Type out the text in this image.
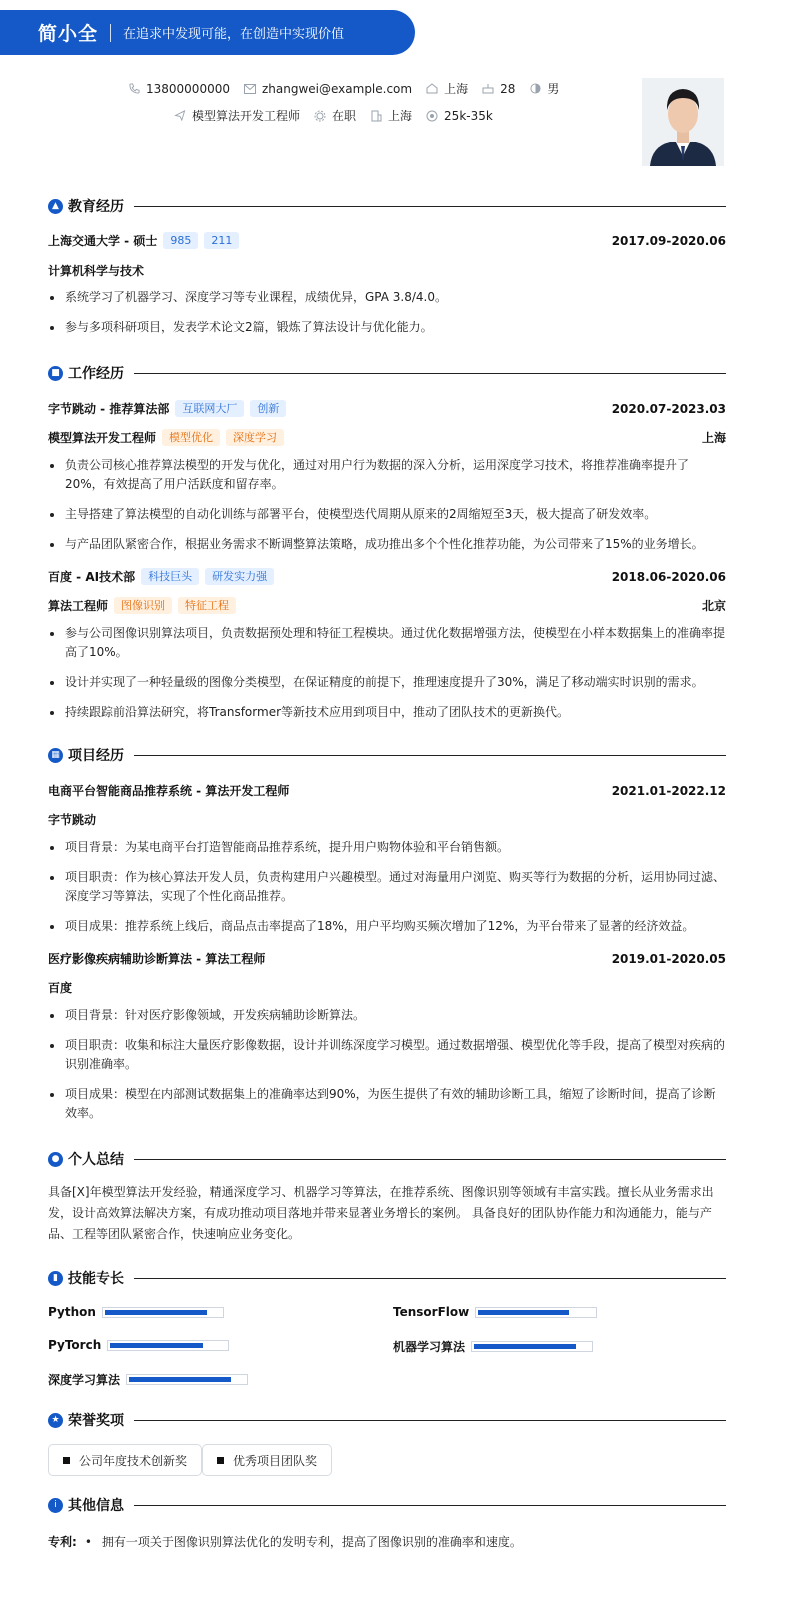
简小全 在追求中发现可能，在创造中实现价值
13800000000	zhangwei@example.com	上海	28	男
模型算法开发工程师	在职	上海	25k-35k
▲ 教育经历
上海交通大学 - 硕士	985	211	2017.09-2020.06
计算机科学与技术
系统学习了机器学习、深度学习等专业课程，成绩优异，GPA 3.8/4.0。
参与多项科研项目，发表学术论文2篇，锻炼了算法设计与优化能力。
■ 工作经历
字节跳动 - 推荐算法部	互联网大厂	创新	2020.07-2023.03
模型算法开发工程师	模型优化	深度学习	上海
负责公司核心推荐算法模型的开发与优化，通过对用户行为数据的深入分析，运用深度学习技术，将推荐准确率提升了20%，有效提高了用户活跃度和留存率。
主导搭建了算法模型的自动化训练与部署平台，使模型迭代周期从原来的2周缩短至3天，极大提高了研发效率。
与产品团队紧密合作，根据业务需求不断调整算法策略，成功推出多个个性化推荐功能，为公司带来了15%的业务增长。
百度 - AI技术部	科技巨头	研发实力强	2018.06-2020.06
算法工程师	图像识别	特征工程	北京
参与公司图像识别算法项目，负责数据预处理和特征工程模块。通过优化数据增强方法，使模型在小样本数据集上的准确率提高了10%。
设计并实现了一种轻量级的图像分类模型，在保证精度的前提下，推理速度提升了30%，满足了移动端实时识别的需求。
持续跟踪前沿算法研究，将Transformer等新技术应用到项目中，推动了团队技术的更新换代。
▦ 项目经历
电商平台智能商品推荐系统 - 算法开发工程师	2021.01-2022.12
字节跳动
项目背景：为某电商平台打造智能商品推荐系统，提升用户购物体验和平台销售额。
项目职责：作为核心算法开发人员，负责构建用户兴趣模型。通过对海量用户浏览、购买等行为数据的分析，运用协同过滤、深度学习等算法，实现了个性化商品推荐。
项目成果：推荐系统上线后，商品点击率提高了18%，用户平均购买频次增加了12%，为平台带来了显著的经济效益。
医疗影像疾病辅助诊断算法 - 算法工程师	2019.01-2020.05
百度
项目背景：针对医疗影像领域，开发疾病辅助诊断算法。
项目职责：收集和标注大量医疗影像数据，设计并训练深度学习模型。通过数据增强、模型优化等手段，提高了模型对疾病的识别准确率。
项目成果：模型在内部测试数据集上的准确率达到90%，为医生提供了有效的辅助诊断工具，缩短了诊断时间，提高了诊断效率。
● 个人总结
具备[X]年模型算法开发经验，精通深度学习、机器学习等算法，在推荐系统、图像识别等领域有丰富实践。擅长从业务需求出发，设计高效算法解决方案，有成功推动项目落地并带来显著业务增长的案例。 具备良好的团队协作能力和沟通能力，能与产品、工程等团队紧密合作，快速响应业务变化。
▮ 技能专长
Python	TensorFlow
PyTorch	机器学习算法
深度学习算法
★ 荣誉奖项
公司年度技术创新奖	优秀项目团队奖
i 其他信息
专利: • 拥有一项关于图像识别算法优化的发明专利，提高了图像识别的准确率和速度。
